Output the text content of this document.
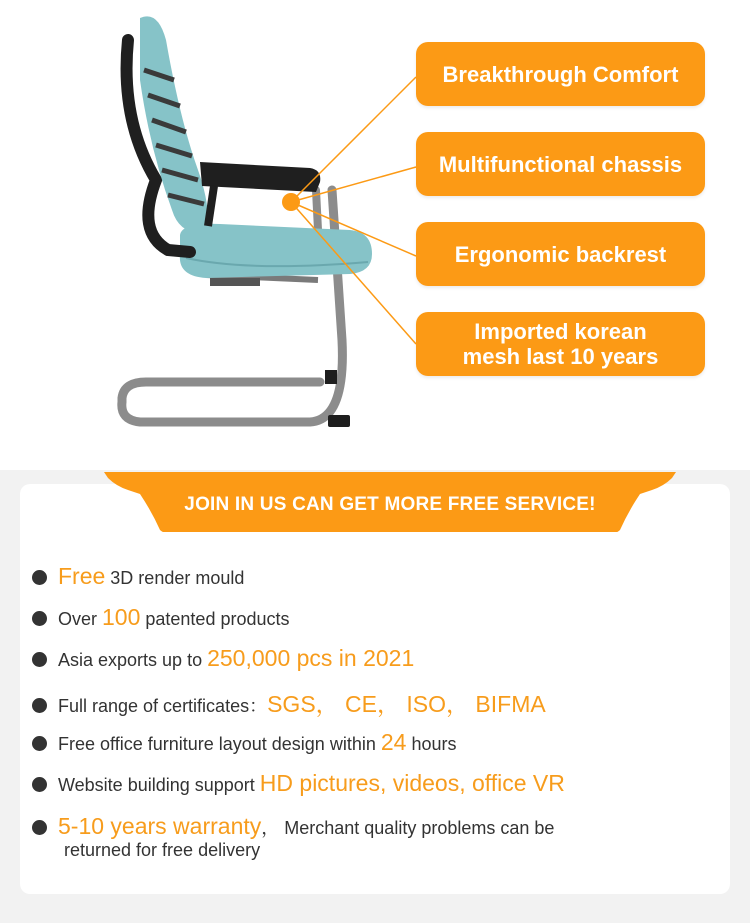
Breakthrough Comfort
Multifunctional chassis
Ergonomic backrest
Imported korean
mesh last 10 years
JOIN IN US CAN GET MORE FREE SERVICE!
Free 3D render mould
Over 100 patented products
Asia exports up to 250,000 pcs in 2021
Full range of certificates： SGS， CE， ISO， BIFMA
Free office furniture layout design within 24 hours
Website building support HD pictures, videos, office VR
5-10 years warranty ， Merchant quality problems can be
returned for free delivery
